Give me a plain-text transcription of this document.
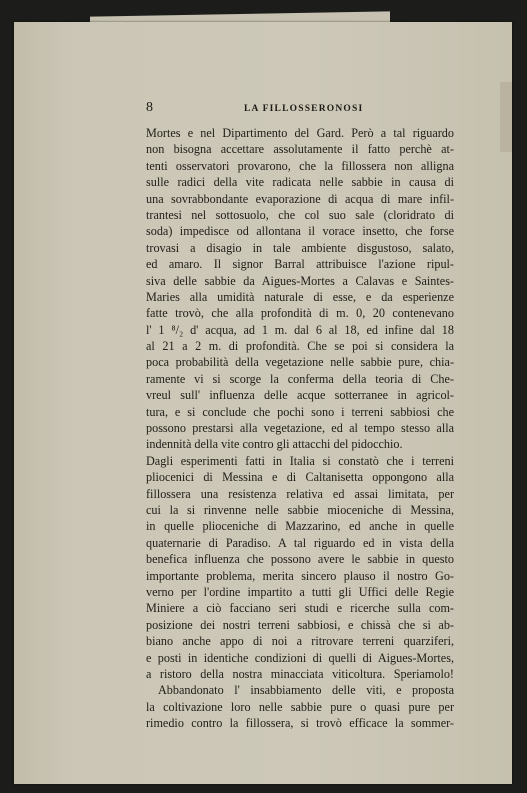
8	LA FILLOSSERONOSI
Mortes e nel Dipartimento del Gard. Però a tal riguardo
non bisogna accettare assolutamente il fatto perchè at-
tenti osservatori provarono, che la fillossera non alligna
sulle radici della vite radicata nelle sabbie in causa di
una sovrabbondante evaporazione di acqua di mare infil-
trantesi nel sottosuolo, che col suo sale (cloridrato di
soda) impedisce od allontana il vorace insetto, che forse
trovasi a disagio in tale ambiente disgustoso, salato,
ed amaro. Il signor Barral attribuisce l'azione ripul-
siva delle sabbie da Aigues-Mortes a Calavas e Saintes-
Maries alla umidità naturale di esse, e da esperienze
fatte trovò, che alla profondità di m. 0, 20 contenevano
l' 1 ⁸/₂ d' acqua, ad 1 m. dal 6 al 18, ed infine dal 18
al 21 a 2 m. di profondità. Che se poi si considera la
poca probabilità della vegetazione nelle sabbie pure, chia-
ramente vi si scorge la conferma della teoria di Che-
vreul sull' influenza delle acque sotterranee in agricol-
tura, e si conclude che pochi sono i terreni sabbiosi che
possono prestarsi alla vegetazione, ed al tempo stesso alla
indennità della vite contro gli attacchi del pidocchio.
Dagli esperimenti fatti in Italia si constatò che i terreni
pliocenici di Messina e di Caltanisetta oppongono alla
fillossera una resistenza relativa ed assai limitata, per
cui la si rinvenne nelle sabbie mioceniche di Messina,
in quelle plioceniche di Mazzarino, ed anche in quelle
quaternarie di Paradiso. A tal riguardo ed in vista della
benefica influenza che possono avere le sabbie in questo
importante problema, merita sincero plauso il nostro Go-
verno per l'ordine impartito a tutti gli Uffici delle Regie
Miniere a ciò facciano seri studi e ricerche sulla com-
posizione dei nostri terreni sabbiosi, e chissà che si ab-
biano anche appo di noi a ritrovare terreni quarziferi,
e posti in identiche condizioni di quelli di Aigues-Mortes,
a ristoro della nostra minacciata viticoltura. Speriamolo!
Abbandonato l' insabbiamento delle viti, e proposta
la coltivazione loro nelle sabbie pure o quasi pure per
rimedio contro la fillossera, si trovò efficace la sommer-
